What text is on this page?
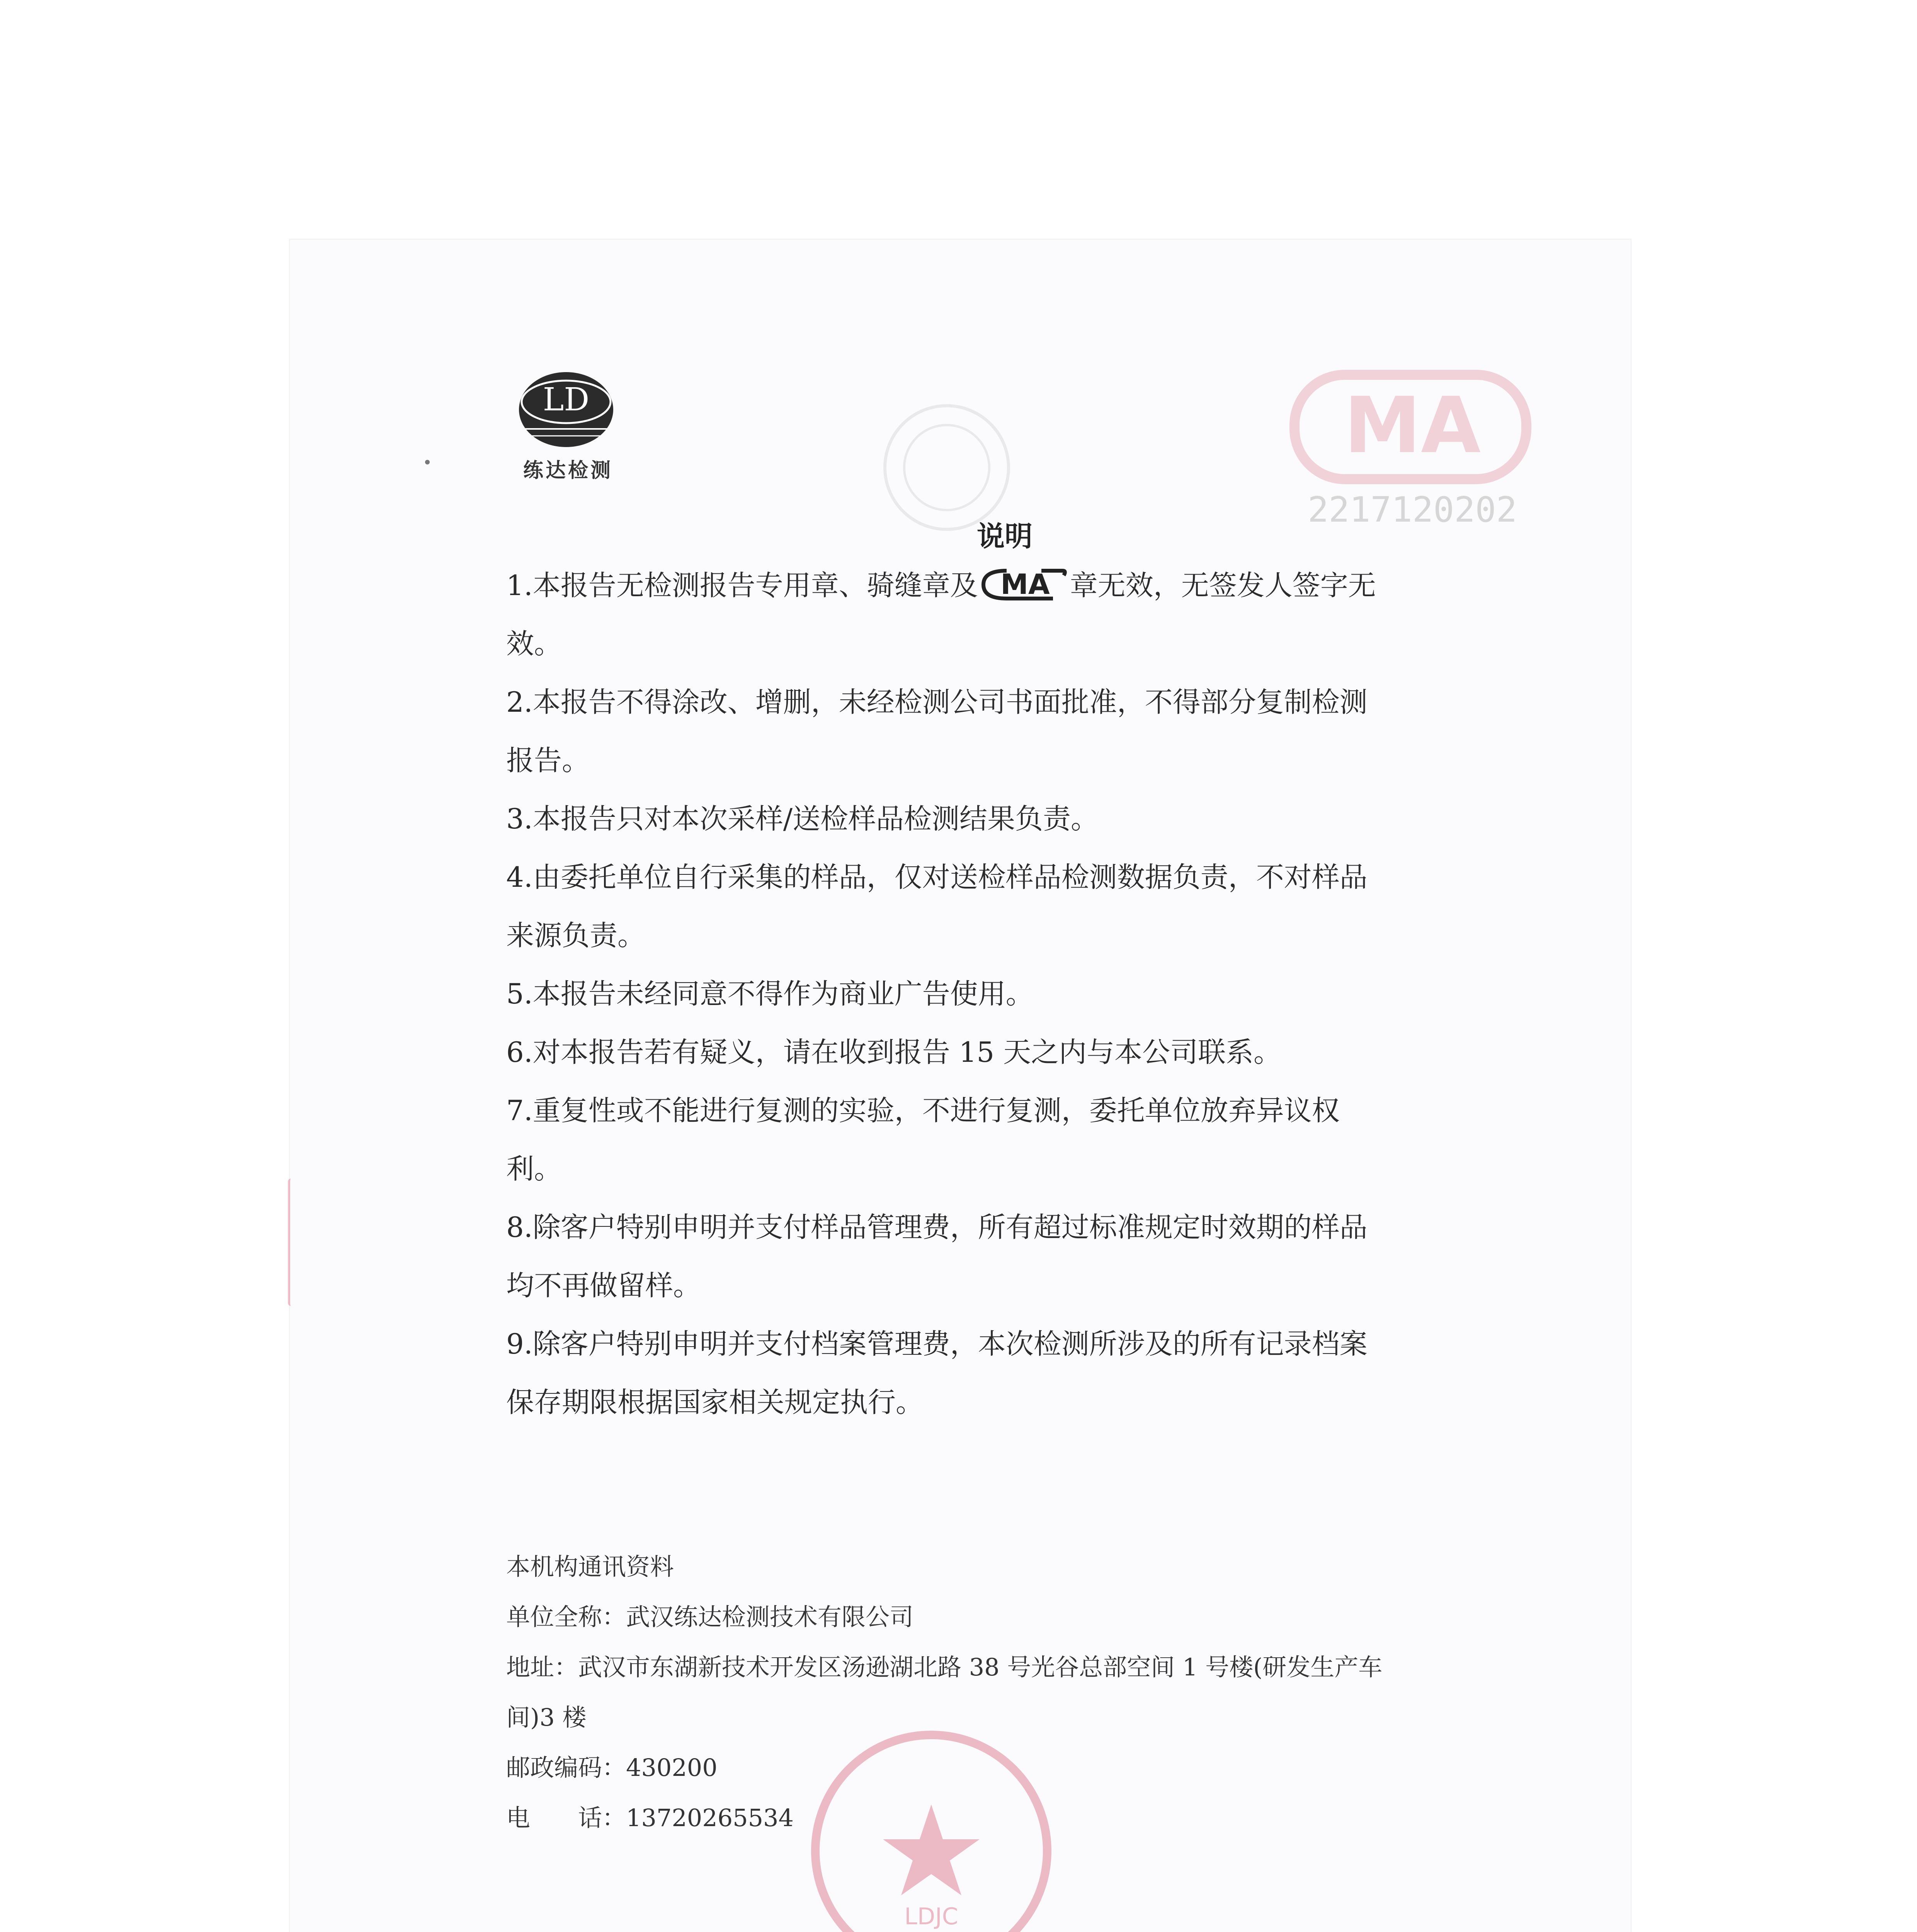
MA
2217120202
LD
练达检测
说明

1.本报告无检测报告专用章、骑缝章及 MA 章无效，无签发人签字无效。

2.本报告不得涂改、增删，未经检测公司书面批准，不得部分复制检测报告。

3.本报告只对本次采样/送检样品检测结果负责。

4.由委托单位自行采集的样品，仅对送检样品检测数据负责，不对样品来源负责。

5.本报告未经同意不得作为商业广告使用。

6.对本报告若有疑义，请在收到报告 15 天之内与本公司联系。

7.重复性或不能进行复测的实验，不进行复测，委托单位放弃异议权利。

8.除客户特别申明并支付样品管理费，所有超过标准规定时效期的样品均不再做留样。

9.除客户特别申明并支付档案管理费，本次检测所涉及的所有记录档案保存期限根据国家相关规定执行。

本机构通讯资料

单位全称：武汉练达检测技术有限公司

地址：武汉市东湖新技术开发区汤逊湖北路 38 号光谷总部空间 1 号楼(研发生产车间)3 楼

邮政编码：430200

电　　话：13720265534

LDJC
